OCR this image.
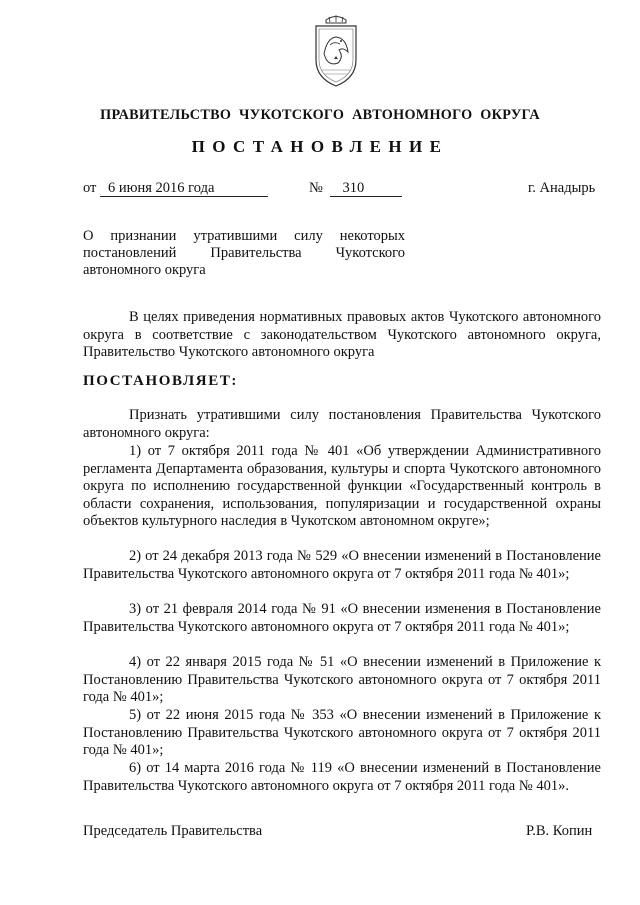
ПРАВИТЕЛЬСТВО ЧУКОТСКОГО АВТОНОМНОГО ОКРУГА
ПОСТАНОВЛЕНИЕ
от 6 июня 2016 года	№ 310	г. Анадырь
О признании утратившими силу некоторых
постановлений Правительства Чукотского
автономного округа

В целях приведения нормативных правовых актов Чукотского автономного округа в соответствие с законодательством Чукотского автономного округа, Правительство Чукотского автономного округа

ПОСТАНОВЛЯЕТ:

Признать утратившими силу постановления Правительства Чукотского автономного округа:

1) от 7 октября 2011 года № 401 «Об утверждении Административного регламента Департамента образования, культуры и спорта Чукотского автономного округа по исполнению государственной функции «Государственный контроль в области сохранения, использования, популяризации и государственной охраны объектов культурного наследия в Чукотском автономном округе»;

2) от 24 декабря 2013 года № 529 «О внесении изменений в Постановление Правительства Чукотского автономного округа от 7 октября 2011 года № 401»;

3) от 21 февраля 2014 года № 91 «О внесении изменения в Постановление Правительства Чукотского автономного округа от 7 октября 2011 года № 401»;

4) от 22 января 2015 года № 51 «О внесении изменений в Приложение к Постановлению Правительства Чукотского автономного округа от 7 октября 2011 года № 401»;

5) от 22 июня 2015 года № 353 «О внесении изменений в Приложение к Постановлению Правительства Чукотского автономного округа от 7 октября 2011 года № 401»;

6) от 14 марта 2016 года № 119 «О внесении изменений в Постановление Правительства Чукотского автономного округа от 7 октября 2011 года № 401».

Председатель Правительства	Р.В. Копин
